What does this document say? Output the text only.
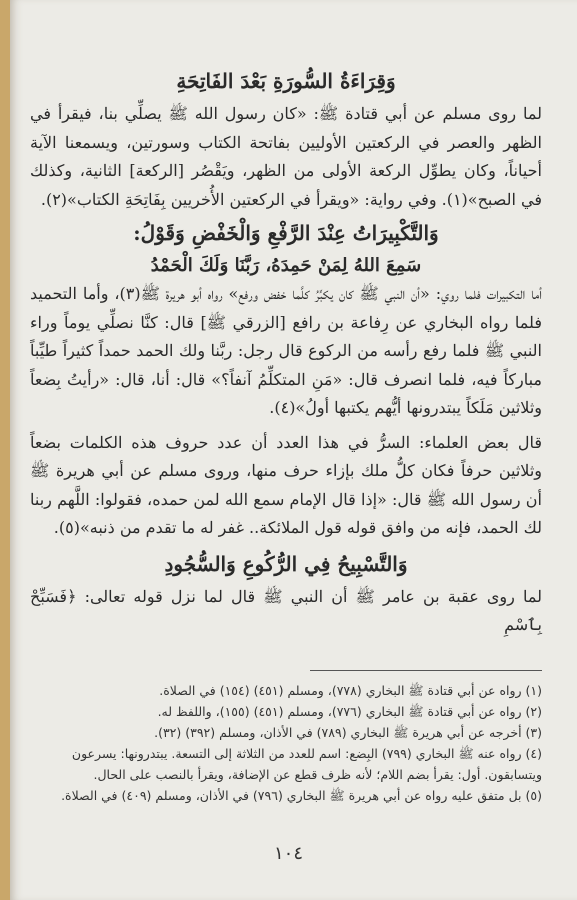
وَقِرَاءَةُ السُّورَةِ بَعْدَ الفَاتِحَةِ

لما روى مسلم عن أبي قتادة ﷺ: «كان رسول الله ﷺ يصلِّي بنا، فيقرأ في الظهر والعصر في الركعتين الأوليين بفاتحة الكتاب وسورتين، ويسمعنا الآية أحياناً، وكان يطوِّل الركعة الأولى من الظهر، ويَقْصُر [الركعة] الثانية، وكذلك في الصبح»(١). وفي رواية: «ويقرأ في الركعتين الأُخريين بِفَاتِحَةِ الكتاب»(٢).

وَالتَّكْبِيرَاتُ عِنْدَ الرَّفْعِ وَالْخَفْضِ وَقَوْلُ:
سَمِعَ اللهُ لِمَنْ حَمِدَهُ، رَبَّنَا وَلَكَ الْحَمْدُ

أما التكبيرات فلما روي: «أن النبي ﷺ كان يكبِّرُ كلَّما خفض ورفع» رواه أبو هريرة ﷺ(٣)، وأما التحميد فلما رواه البخاري عن رِفاعة بن رافع [الزرقي ﷺ] قال: كنَّا نصلِّي يوماً وراء النبي ﷺ فلما رفع رأسه من الركوع قال رجل: ربَّنا ولك الحمد حمداً كثيراً طيِّباً مباركاً فيه، فلما انصرف قال: «مَنِ المتكلِّمُ آنفاً؟» قال: أنا، قال: «رأيتُ بِضعاً وثلاثين مَلَكاً يبتدرونها أيُّهم يكتبها أولُ»(٤).

قال بعض العلماء: السرُّ في هذا العدد أن عدد حروف هذه الكلمات بضعاً وثلاثين حرفاً فكان كلُّ ملك بإزاء حرف منها، وروى مسلم عن أبي هريرة ﷺ أن رسول الله ﷺ قال: «إذا قال الإمام سمع الله لمن حمده، فقولوا: اللَّهم ربنا لك الحمد، فإنه من وافق قوله قول الملائكة.. غفر له ما تقدم من ذنبه»(٥).

وَالتَّسْبِيحُ فِي الرُّكُوعِ وَالسُّجُودِ

لما روى عقبة بن عامر ﷺ أن النبي ﷺ قال لما نزل قوله تعالى: ﴿فَسَبِّحْ بِٱسْمِ

(١) رواه عن أبي قتادة ﷺ البخاري (٧٧٨)، ومسلم (٤٥١) (١٥٤) في الصلاة.

(٢) رواه عن أبي قتادة ﷺ البخاري (٧٧٦)، ومسلم (٤٥١) (١٥٥)، واللفظ له.

(٣) أخرجه عن أبي هريرة ﷺ البخاري (٧٨٩) في الأذان، ومسلم (٣٩٢) (٣٢).

(٤) رواه عنه ﷺ البخاري (٧٩٩) البِضع: اسم للعدد من الثلاثة إلى التسعة. يبتدرونها: يسرعون ويتسابقون. أول: يقرأ بضم اللام؛ لأنه ظرف قطع عن الإضافة، ويقرأ بالنصب على الحال.

(٥) بل متفق عليه رواه عن أبي هريرة ﷺ البخاري (٧٩٦) في الأذان، ومسلم (٤٠٩) في الصلاة.

١٠٤
